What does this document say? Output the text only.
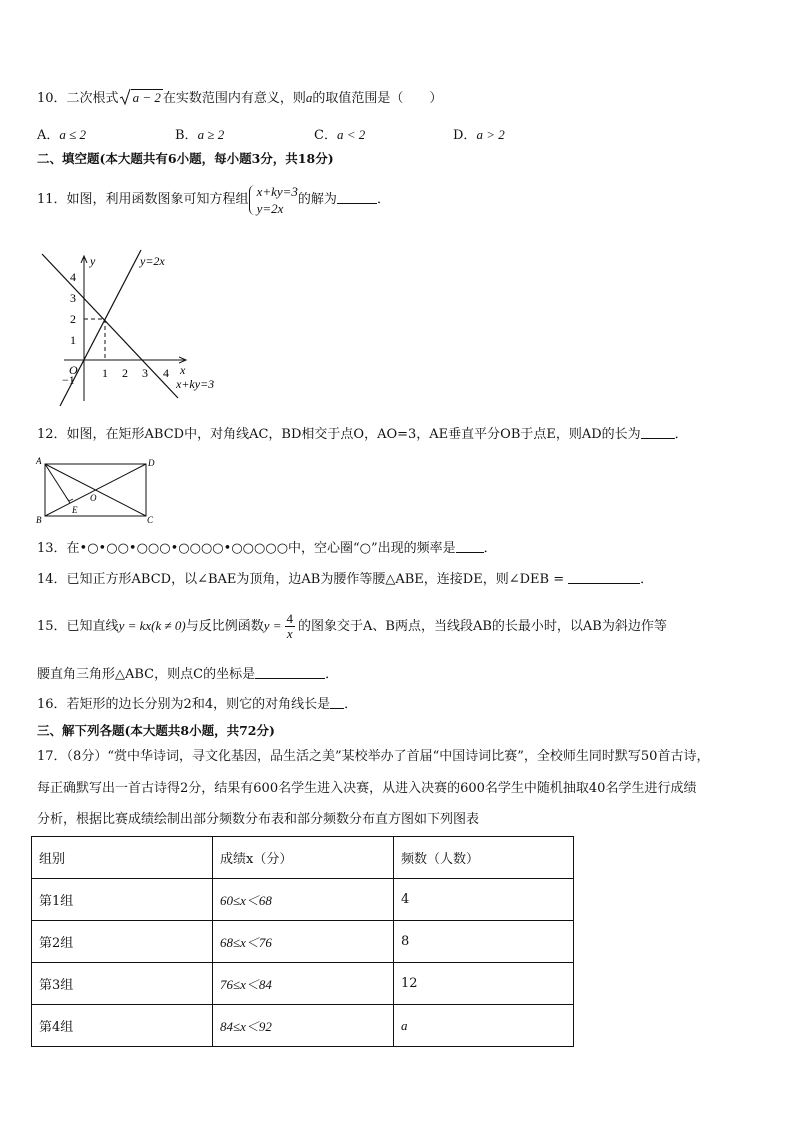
10．二次根式 a − 2 在实数范围内有意义，则a的取值范围是（　　）
A．a ≤ 2	B．a ≥ 2	C．a < 2	D．a > 2
二、填空题(本大题共有6小题，每小题3分，共18分)
11．如图，利用函数图象可知方程组
x+ky=3
y=2x
的解为	．
y=2x
x+ky=3
x
y
O 1 2 3 4
1
2
3
4
−1
12．如图，在矩形ABCD中，对角线AC，BD相交于点O，AO=3，AE垂直平分OB于点E，则AD的长为	．
A	D
B	C
E
O
13．在•○•○○•○○○•○○○○•○○○○○中，空心圈“○”出现的频率是 ．
14．已知正方形ABCD，以∠BAE为顶角，边AB为腰作等腰△ABE，连接DE，则∠DEB =	．
15．已知直线y = kx(k ≠ 0)与反比例函数$y = \frac{4}{x}$ 的图象交于A、B两点，当线段AB的长最小时，以AB为斜边作等
腰直角三角形△ABC，则点C的坐标是	．
16．若矩形的边长分别为2和4，则它的对角线长是 ．
三、解下列各题(本大题共8小题，共72分)
17．（8分）“赏中华诗词，寻文化基因，品生活之美”某校举办了首届“中国诗词比赛”，全校师生同时默写50首古诗，
每正确默写出一首古诗得2分，结果有600名学生进入决赛，从进入决赛的600名学生中随机抽取40名学生进行成绩
分析，根据比赛成绩绘制出部分频数分布表和部分频数分布直方图如下列图表
组别	成绩x（分）	频数（人数）
第1组	60≤x＜68	4
第2组	68≤x＜76	8
第3组	76≤x＜84	12
第4组	84≤x＜92	a
